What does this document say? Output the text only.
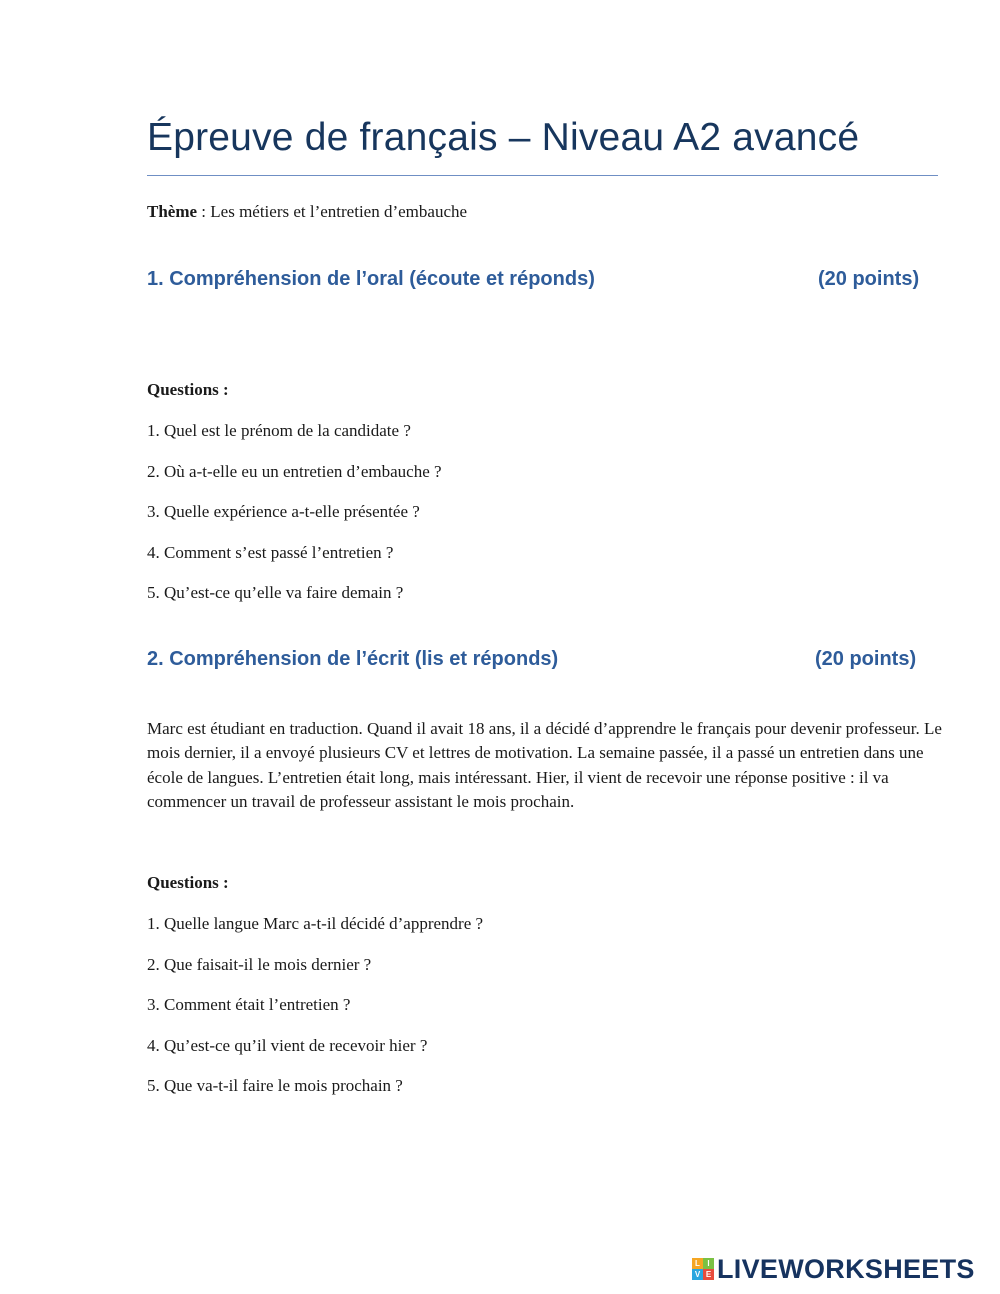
Épreuve de français – Niveau A2 avancé
Thème : Les métiers et l’entretien d’embauche
1. Compréhension de l’oral (écoute et réponds)	(20 points)
Questions :
1. Quel est le prénom de la candidate ?
2. Où a-t-elle eu un entretien d’embauche ?
3. Quelle expérience a-t-elle présentée ?
4. Comment s’est passé l’entretien ?
5. Qu’est-ce qu’elle va faire demain ?
2. Compréhension de l’écrit (lis et réponds)	(20 points)

Marc est étudiant en traduction. Quand il avait 18 ans, il a décidé d’apprendre le français pour devenir professeur. Le mois dernier, il a envoyé plusieurs CV et lettres de motivation. La semaine passée, il a passé un entretien dans une école de langues. L’entretien était long, mais intéressant. Hier, il vient de recevoir une réponse positive : il va commencer un travail de professeur assistant le mois prochain.

Questions :
1. Quelle langue Marc a-t-il décidé d’apprendre ?
2. Que faisait-il le mois dernier ?
3. Comment était l’entretien ?
4. Qu’est-ce qu’il vient de recevoir hier ?
5. Que va-t-il faire le mois prochain ?
L I
V E LIVEWORKSHEETS
